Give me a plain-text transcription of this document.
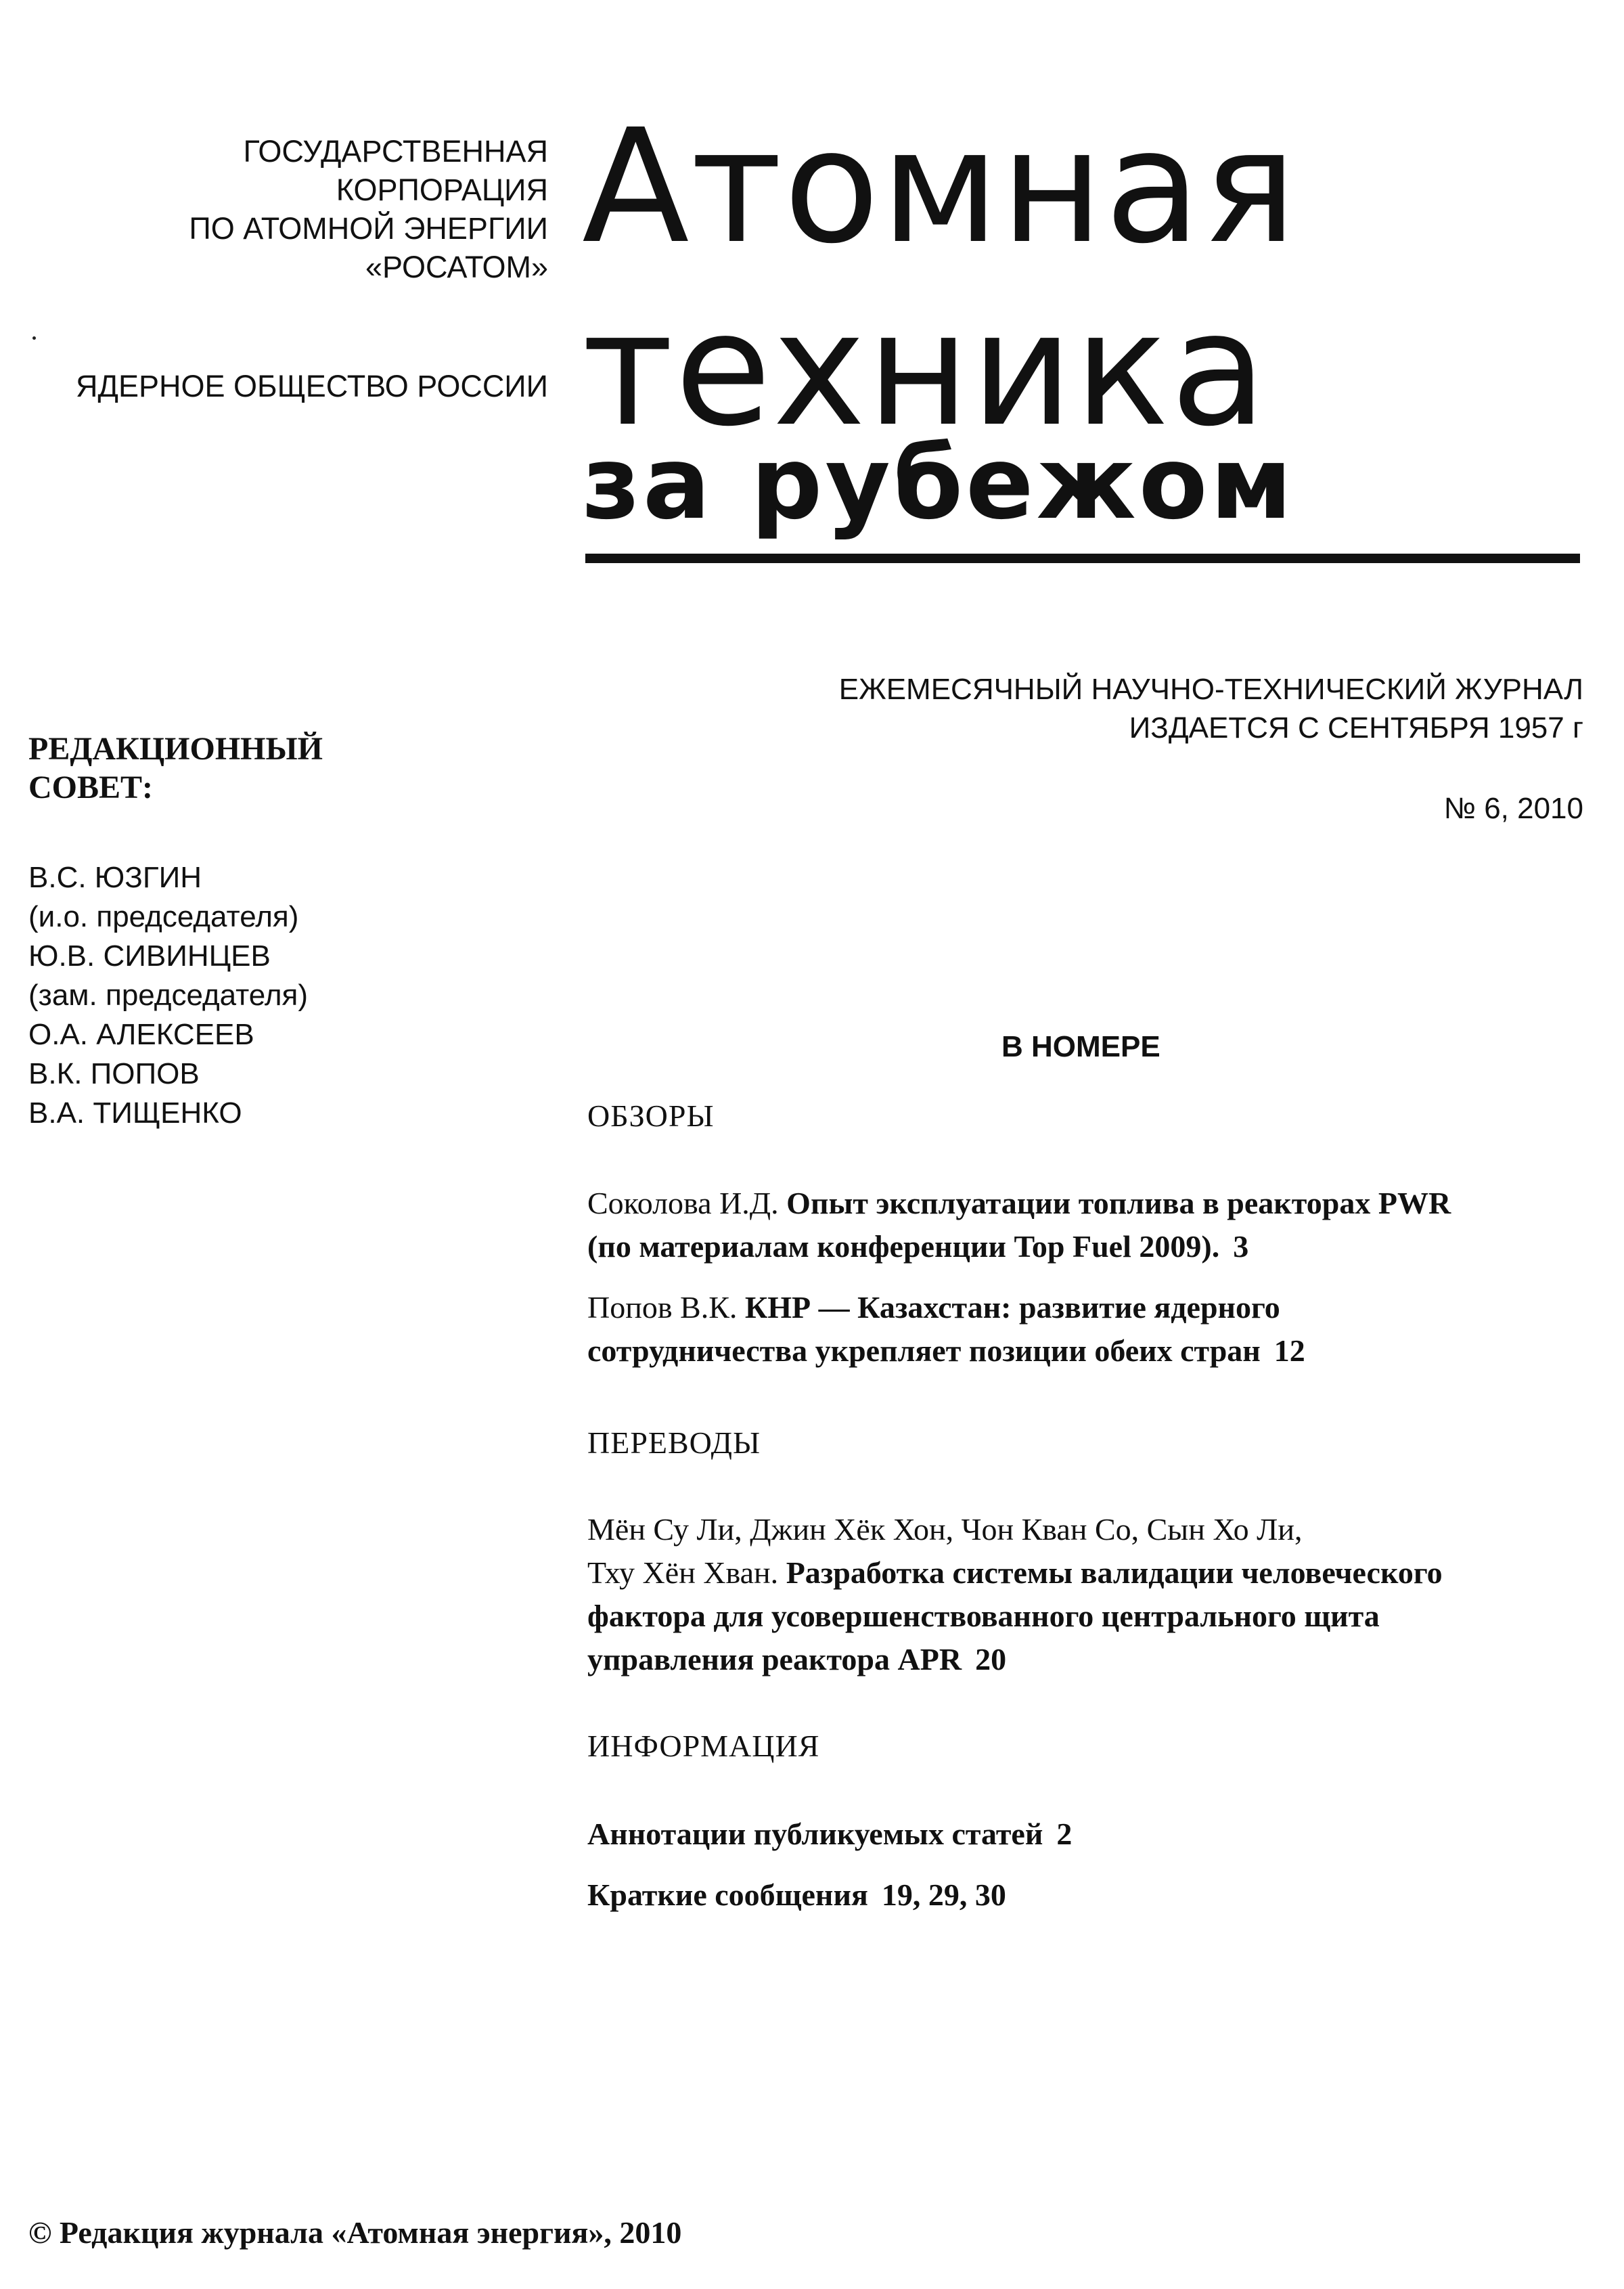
ГОСУДАРСТВЕННАЯ
КОРПОРАЦИЯ
ПО АТОМНОЙ ЭНЕРГИИ
«РОСАТОМ»
ЯДЕРНОЕ ОБЩЕСТВО РОССИИ
Атомная
техника
за рубежом
ЕЖЕМЕСЯЧНЫЙ НАУЧНО-ТЕХНИЧЕСКИЙ ЖУРНАЛ
ИЗДАЕТСЯ С СЕНТЯБРЯ 1957 г
№ 6, 2010
РЕДАКЦИОННЫЙ
СОВЕТ:
В.С. ЮЗГИН
(и.о. председателя)
Ю.В. СИВИНЦЕВ
(зам. председателя)
О.А. АЛЕКСЕЕВ
В.К. ПОПОВ
В.А. ТИЩЕНКО
В НОМЕРЕ
ОБЗОРЫ
Соколова И.Д. Опыт эксплуатации топлива в реакторах PWR
(по материалам конференции Top Fuel 2009). 3
Попов В.К. КНР — Казахстан: развитие ядерного
сотрудничества укрепляет позиции обеих стран 12
ПЕРЕВОДЫ
Мён Су Ли, Джин Хёк Хон, Чон Кван Со, Сын Хо Ли,
Тху Хён Хван. Разработка системы валидации человеческого
фактора для усовершенствованного центрального щита
управления реактора APR 20
ИНФОРМАЦИЯ
Аннотации публикуемых статей 2
Краткие сообщения 19, 29, 30
© Редакция журнала «Атомная энергия», 2010
